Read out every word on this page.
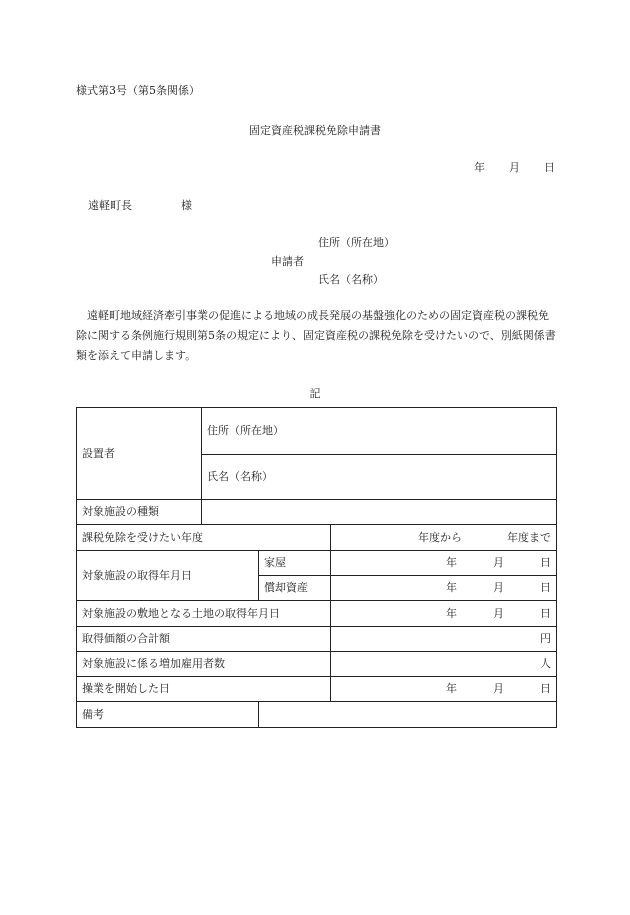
様式第3号（第5条関係）
固定資産税課税免除申請書
年 月 日
遠軽町長	様
住所（所在地）
申請者
氏名（名称）

遠軽町地域経済牽引事業の促進による地域の成長発展の基盤強化のための固定資産税の課税免除に関する条例施行規則第5条の規定により、固定資産税の課税免除を受けたいので、別紙関係書類を添えて申請します。

記
設置者	住所（所在地）		
	氏名（名称）		
対象施設の種類			
課税免除を受けたい年度			年度から 年度まで
対象施設の取得年月日		家屋	年 月 日
		償却資産	年 月 日
対象施設の敷地となる土地の取得年月日			年 月 日
取得価額の合計額			円
対象施設に係る増加雇用者数			人
操業を開始した日			年 月 日
備考			
